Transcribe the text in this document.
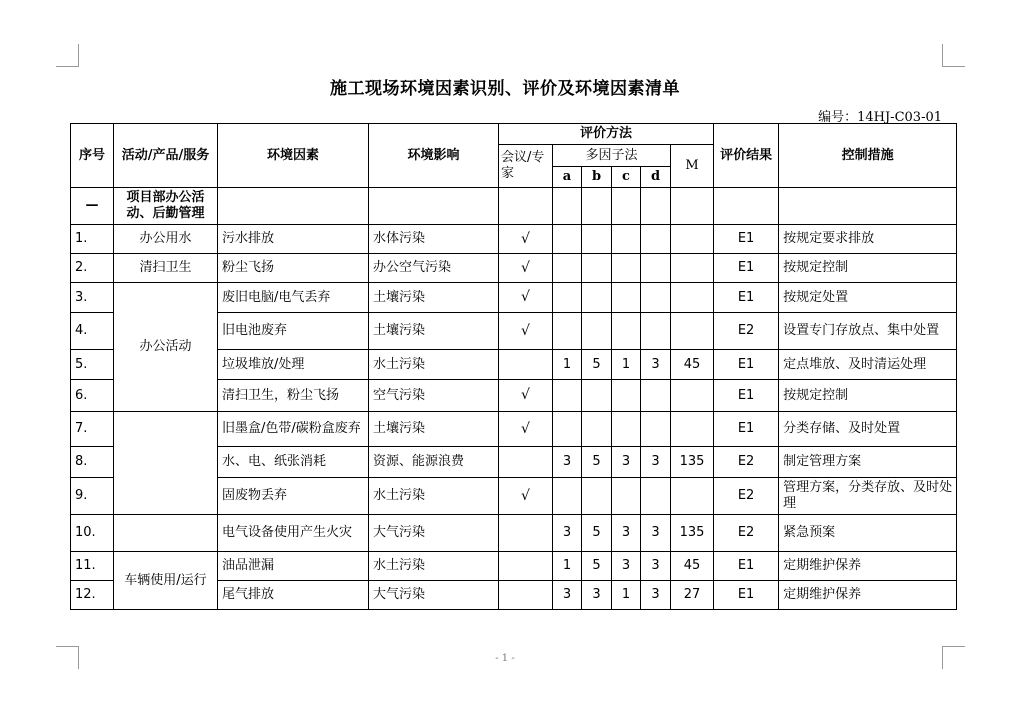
施工现场环境因素识别、评价及环境因素清单
编号：14HJ-C03-01
序号	活动/产品/服务	环境因素	环境影响	评价方法						评价结果	控制措施
				会议/专家	多因子法				M		
					a	b	c	d			
—	项目部办公活动、后勤管理										
1.	办公用水	污水排放	水体污染	√						E1	按规定要求排放
2.	清扫卫生	粉尘飞扬	办公空气污染	√						E1	按规定控制
3.	办公活动	废旧电脑/电气丢弃	土壤污染	√						E1	按规定处置
4.		旧电池废弃	土壤污染	√						E2	设置专门存放点、集中处置
5.		垃圾堆放/处理	水土污染		1	5	1	3	45	E1	定点堆放、及时清运处理
6.		清扫卫生，粉尘飞扬	空气污染	√						E1	按规定控制
7.		旧墨盒/色带/碳粉盒废弃	土壤污染	√						E1	分类存储、及时处置
8.		水、电、纸张消耗	资源、能源浪费		3	5	3	3	135	E2	制定管理方案
9.		固废物丢弃	水土污染	√						E2	管理方案，分类存放、及时处理
10.		电气设备使用产生火灾	大气污染		3	5	3	3	135	E2	紧急预案
11.	车辆使用/运行	油品泄漏	水土污染		1	5	3	3	45	E1	定期维护保养
12.		尾气排放	大气污染		3	3	1	3	27	E1	定期维护保养
- 1 -
